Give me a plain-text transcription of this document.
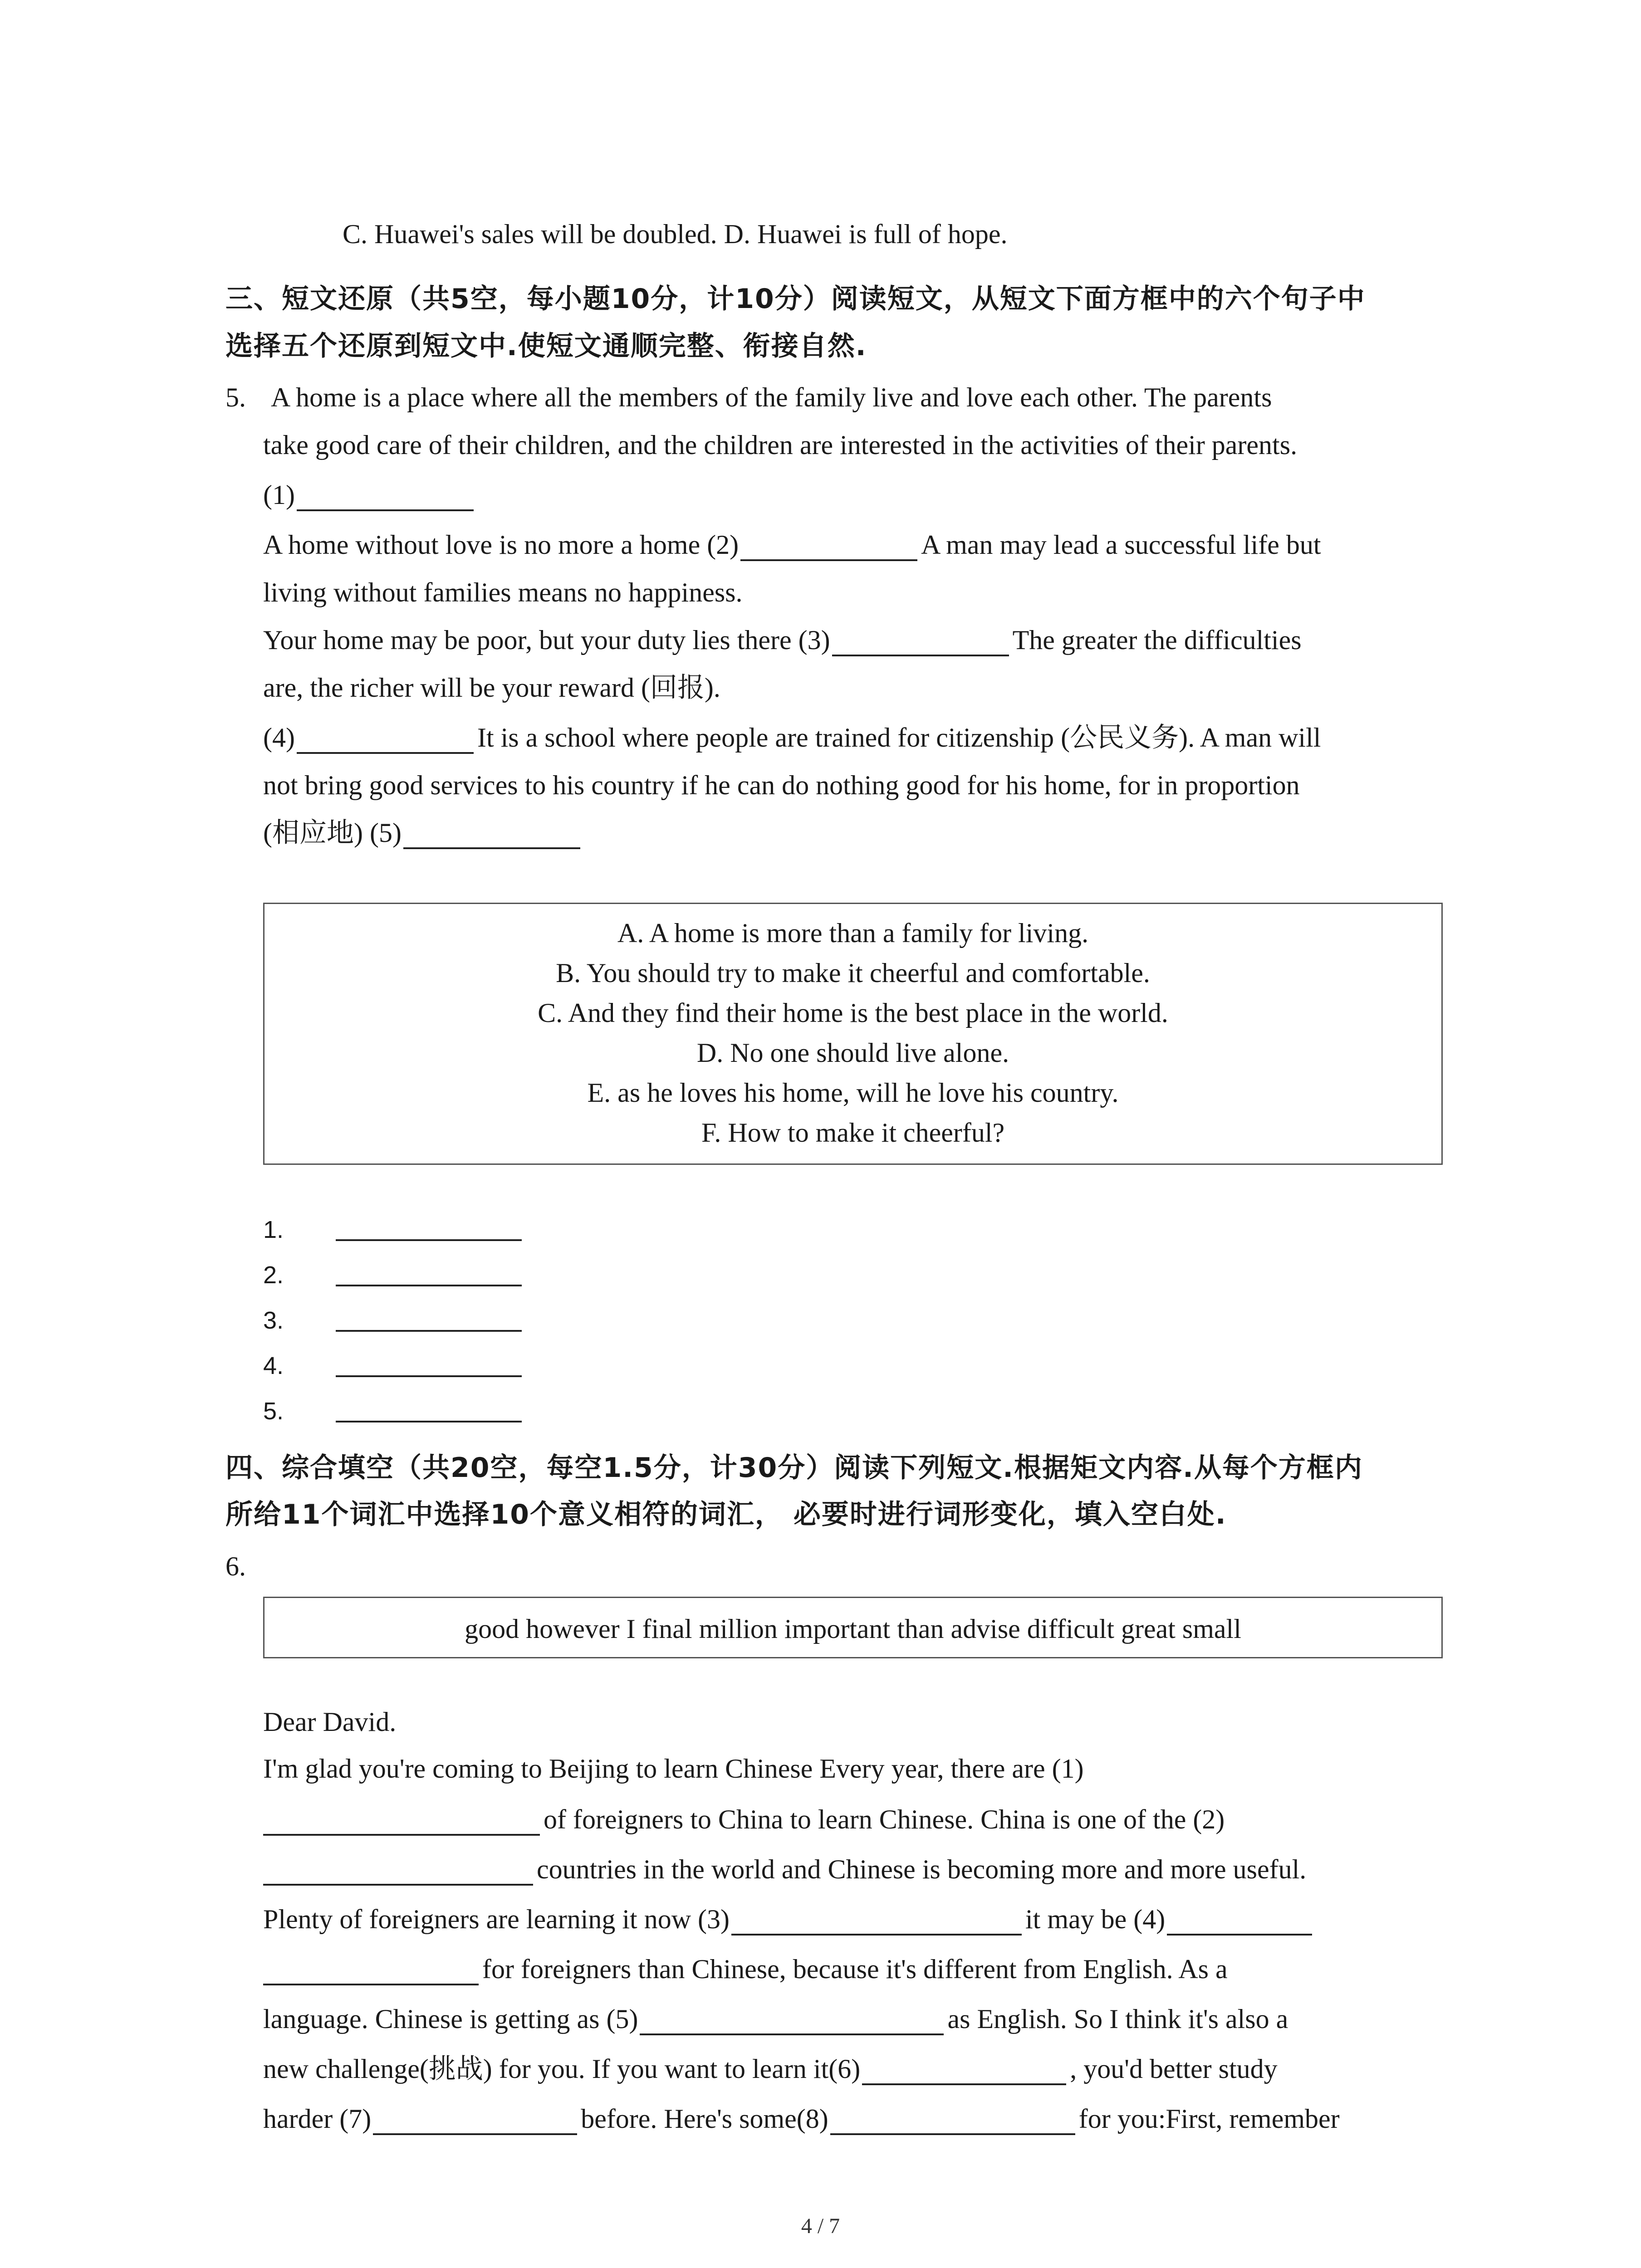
C. Huawei's sales will be doubled. D. Huawei is full of hope.
三、短文还原（共5空，每小题10分，计10分）阅读短文，从短文下面方框中的六个句子中
选择五个还原到短文中.使短文通顺完整、衔接自然.
5. A home is a place where all the members of the family live and love each other. The parents
take good care of their children, and the children are interested in the activities of their parents.
(1)
A home without love is no more a home (2)	A man may lead a successful life but
living without families means no happiness.
Your home may be poor, but your duty lies there (3)	The greater the difficulties
are, the richer will be your reward (回报).
(4)	It is a school where people are trained for citizenship (公民义务). A man will
not bring good services to his country if he can do nothing good for his home, for in proportion
(相应地) (5)
A. A home is more than a family for living.
B. You should try to make it cheerful and comfortable.
C. And they find their home is the best place in the world.
D. No one should live alone.
E. as he loves his home, will he love his country.
F. How to make it cheerful?
1.
2.
3.
4.
5.
四、综合填空（共20空，每空1.5分，计30分）阅读下列短文.根据矩文内容.从每个方框内
所给11个词汇中选择10个意义相符的词汇， 必要时进行词形变化，填入空白处.
6.
good however I final million important than advise difficult great small
Dear David.
I'm glad you're coming to Beijing to learn Chinese Every year, there are (1)
of foreigners to China to learn Chinese. China is one of the (2)
countries in the world and Chinese is becoming more and more useful.
Plenty of foreigners are learning it now (3)	it may be (4)
for foreigners than Chinese, because it's different from English. As a
language. Chinese is getting as (5)	as English. So I think it's also a
new challenge(挑战) for you. If you want to learn it(6)	, you'd better study
harder (7)	before. Here's some(8)	for you:First, remember
4 / 7
